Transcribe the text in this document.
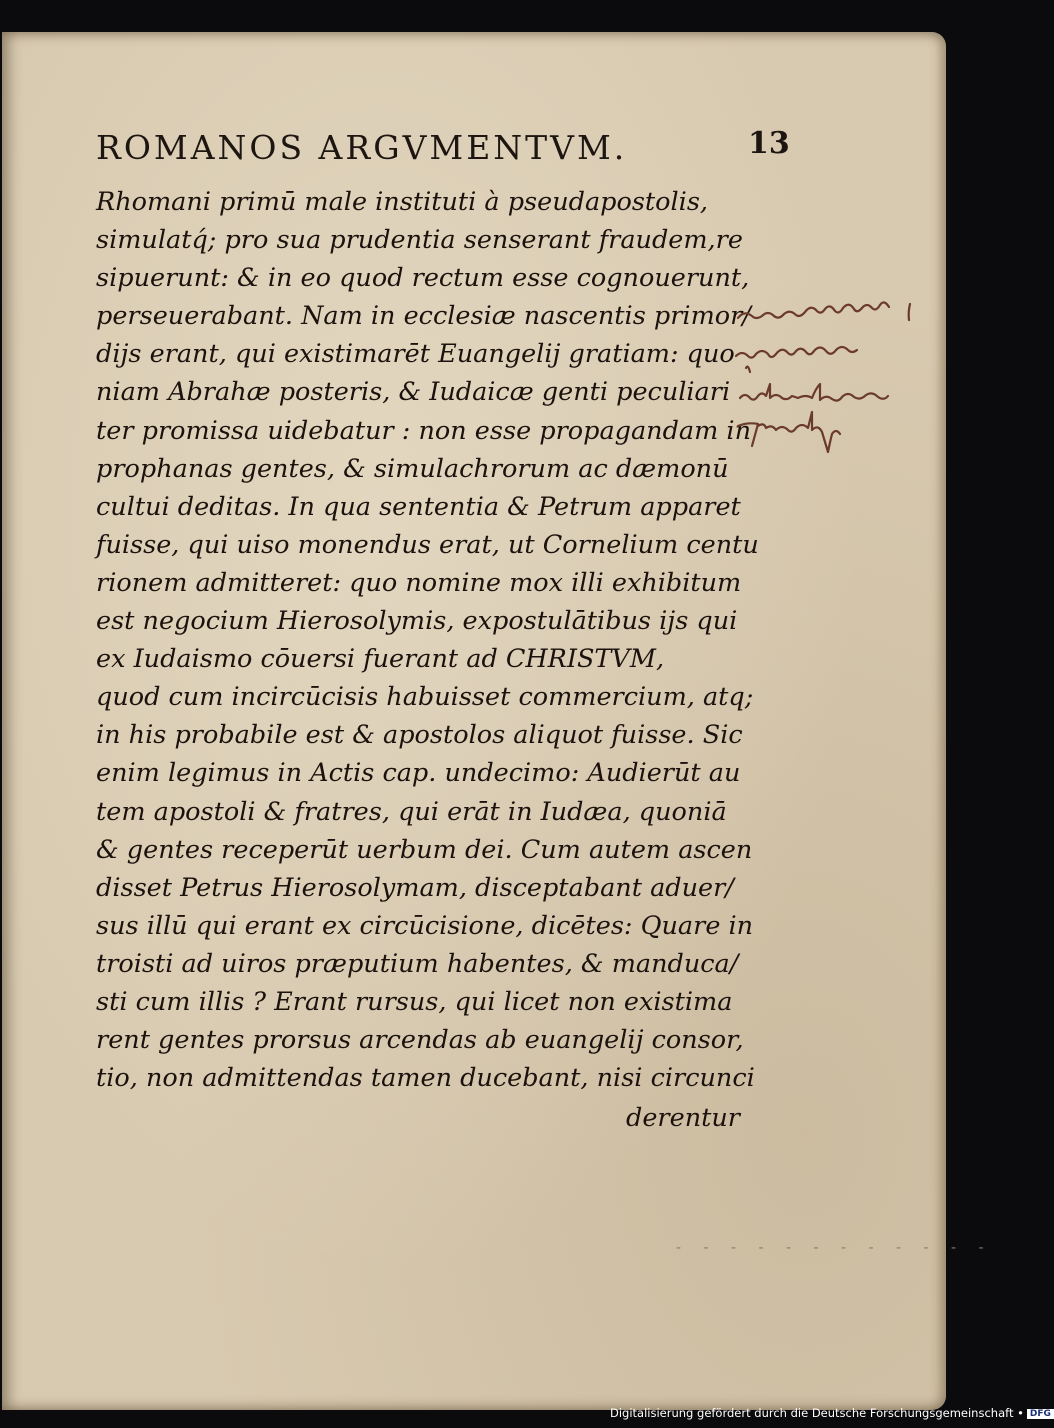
ROMANOS ARGVMENTVM.	13
Rhomani primū male instituti à pseudapostolis,
simulatq́; pro sua prudentia senserant fraudem,re
sipuerunt: & in eo quod rectum esse cognouerunt,
perseuerabant. Nam in ecclesiæ nascentis primor/
dijs erant, qui existimarēt Euangelij gratiam: quo
niam Abrahæ posteris, & Iudaicæ genti peculiari
ter promissa uidebatur : non esse propagandam in
prophanas gentes, & simulachrorum ac dæmonū
cultui deditas. In qua sententia & Petrum apparet
fuisse, qui uiso monendus erat, ut Cornelium centu
rionem admitteret: quo nomine mox illi exhibitum
est negocium Hierosolymis, expostulātibus ijs qui
ex Iudaismo cōuersi fuerant ad CHRISTVM,
quod cum incircūcisis habuisset commercium, atq;
in his probabile est & apostolos aliquot fuisse. Sic
enim legimus in Actis cap. undecimo: Audierūt au
tem apostoli & fratres, qui erāt in Iudæa, quoniā
& gentes receperūt uerbum dei. Cum autem ascen
disset Petrus Hierosolymam, disceptabant aduer/
sus illū qui erant ex circūcisione, dicētes: Quare in
troisti ad uiros præputium habentes, & manduca/
sti cum illis ? Erant rursus, qui licet non existima
rent gentes prorsus arcendas ab euangelij consor,
tio, non admittendas tamen ducebant, nisi circunci
derentur
- - - - - - - - - - - -
Digitalisierung gefördert durch die Deutsche Forschungsgemeinschaft • DFG
